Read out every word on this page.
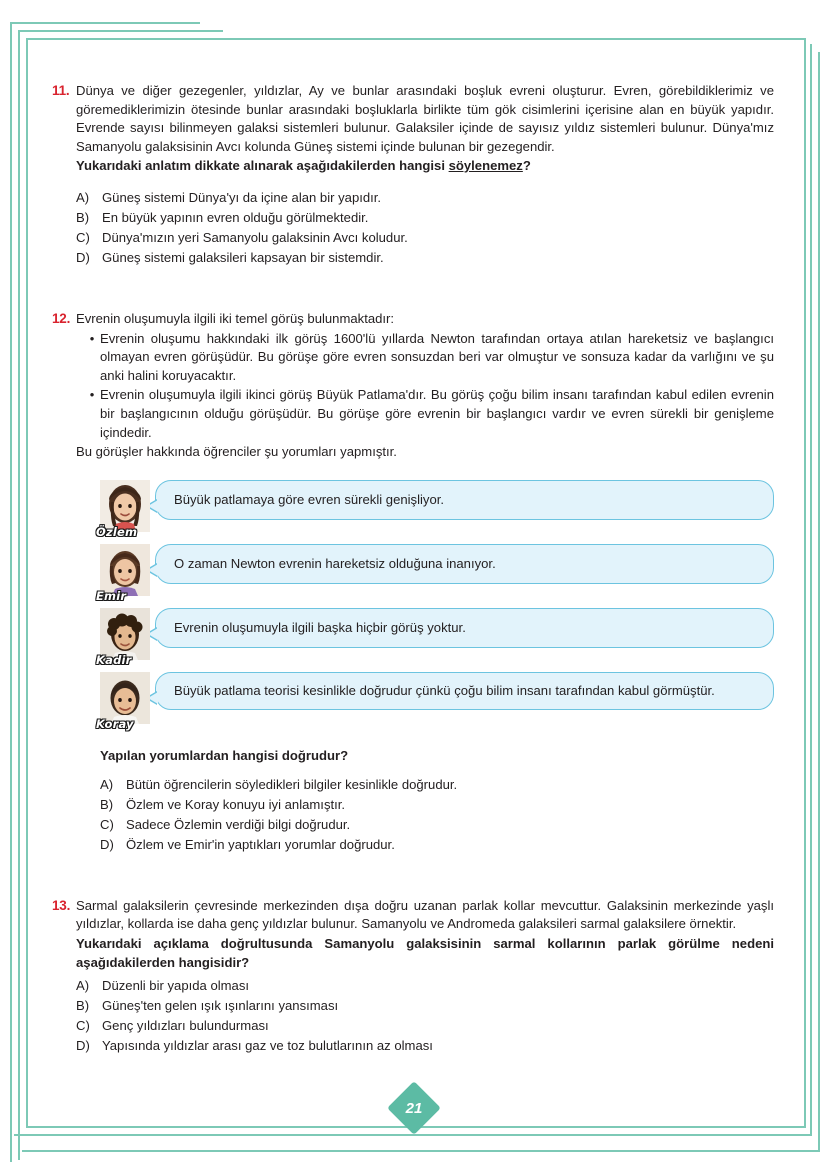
11. Dünya ve diğer gezegenler, yıldızlar, Ay ve bunlar arasındaki boşluk evreni oluşturur. Evren, görebildiklerimiz ve göremediklerimizin ötesinde bunlar arasındaki boşluklarla birlikte tüm gök cisimlerini içerisine alan en büyük yapıdır. Evrende sayısı bilinmeyen galaksi sistemleri bulunur. Galaksiler içinde de sayısız yıldız sistemleri bulunur. Dünya'mız Samanyolu galaksisinin Avcı kolunda Güneş sistemi içinde bulunan bir gezegendir.

Yukarıdaki anlatım dikkate alınarak aşağıdakilerden hangisi söylenemez?

A) Güneş sistemi Dünya'yı da içine alan bir yapıdır.
B) En büyük yapının evren olduğu görülmektedir.
C) Dünya'mızın yeri Samanyolu galaksinin Avcı koludur.
D) Güneş sistemi galaksileri kapsayan bir sistemdir.
12. Evrenin oluşumuyla ilgili iki temel görüş bulunmaktadır:

• Evrenin oluşumu hakkındaki ilk görüş 1600'lü yıllarda Newton tarafından ortaya atılan hareketsiz ve başlangıcı olmayan evren görüşüdür. Bu görüşe göre evren sonsuzdan beri var olmuştur ve sonsuza kadar da varlığını ve şu anki halini koruyacaktır.
• Evrenin oluşumuyla ilgili ikinci görüş Büyük Patlama'dır. Bu görüş çoğu bilim insanı tarafından kabul edilen evrenin bir başlangıcının olduğu görüşüdür. Bu görüşe göre evrenin bir başlangıcı vardır ve evren sürekli bir genişleme içindedir.

Bu görüşler hakkında öğrenciler şu yorumları yapmıştır.

Özlem
Büyük patlamaya göre evren sürekli genişliyor.
Emir
O zaman Newton evrenin hareketsiz olduğuna inanıyor.
Kadir
Evrenin oluşumuyla ilgili başka hiçbir görüş yoktur.
Koray
Büyük patlama teorisi kesinlikle doğrudur çünkü çoğu bilim insanı tarafından kabul görmüştür.
Yapılan yorumlardan hangisi doğrudur?
A) Bütün öğrencilerin söyledikleri bilgiler kesinlikle doğrudur.
B) Özlem ve Koray konuyu iyi anlamıştır.
C) Sadece Özlemin verdiği bilgi doğrudur.
D) Özlem ve Emir'in yaptıkları yorumlar doğrudur.
13. Sarmal galaksilerin çevresinde merkezinden dışa doğru uzanan parlak kollar mevcuttur. Galaksinin merkezinde yaşlı yıldızlar, kollarda ise daha genç yıldızlar bulunur. Samanyolu ve Andromeda galaksileri sarmal galaksilere örnektir.

Yukarıdaki açıklama doğrultusunda Samanyolu galaksisinin sarmal kollarının parlak görülme nedeni aşağıdakilerden hangisidir?

A) Düzenli bir yapıda olması
B) Güneş'ten gelen ışık ışınlarını yansıması
C) Genç yıldızları bulundurması
D) Yapısında yıldızlar arası gaz ve toz bulutlarının az olması
21
